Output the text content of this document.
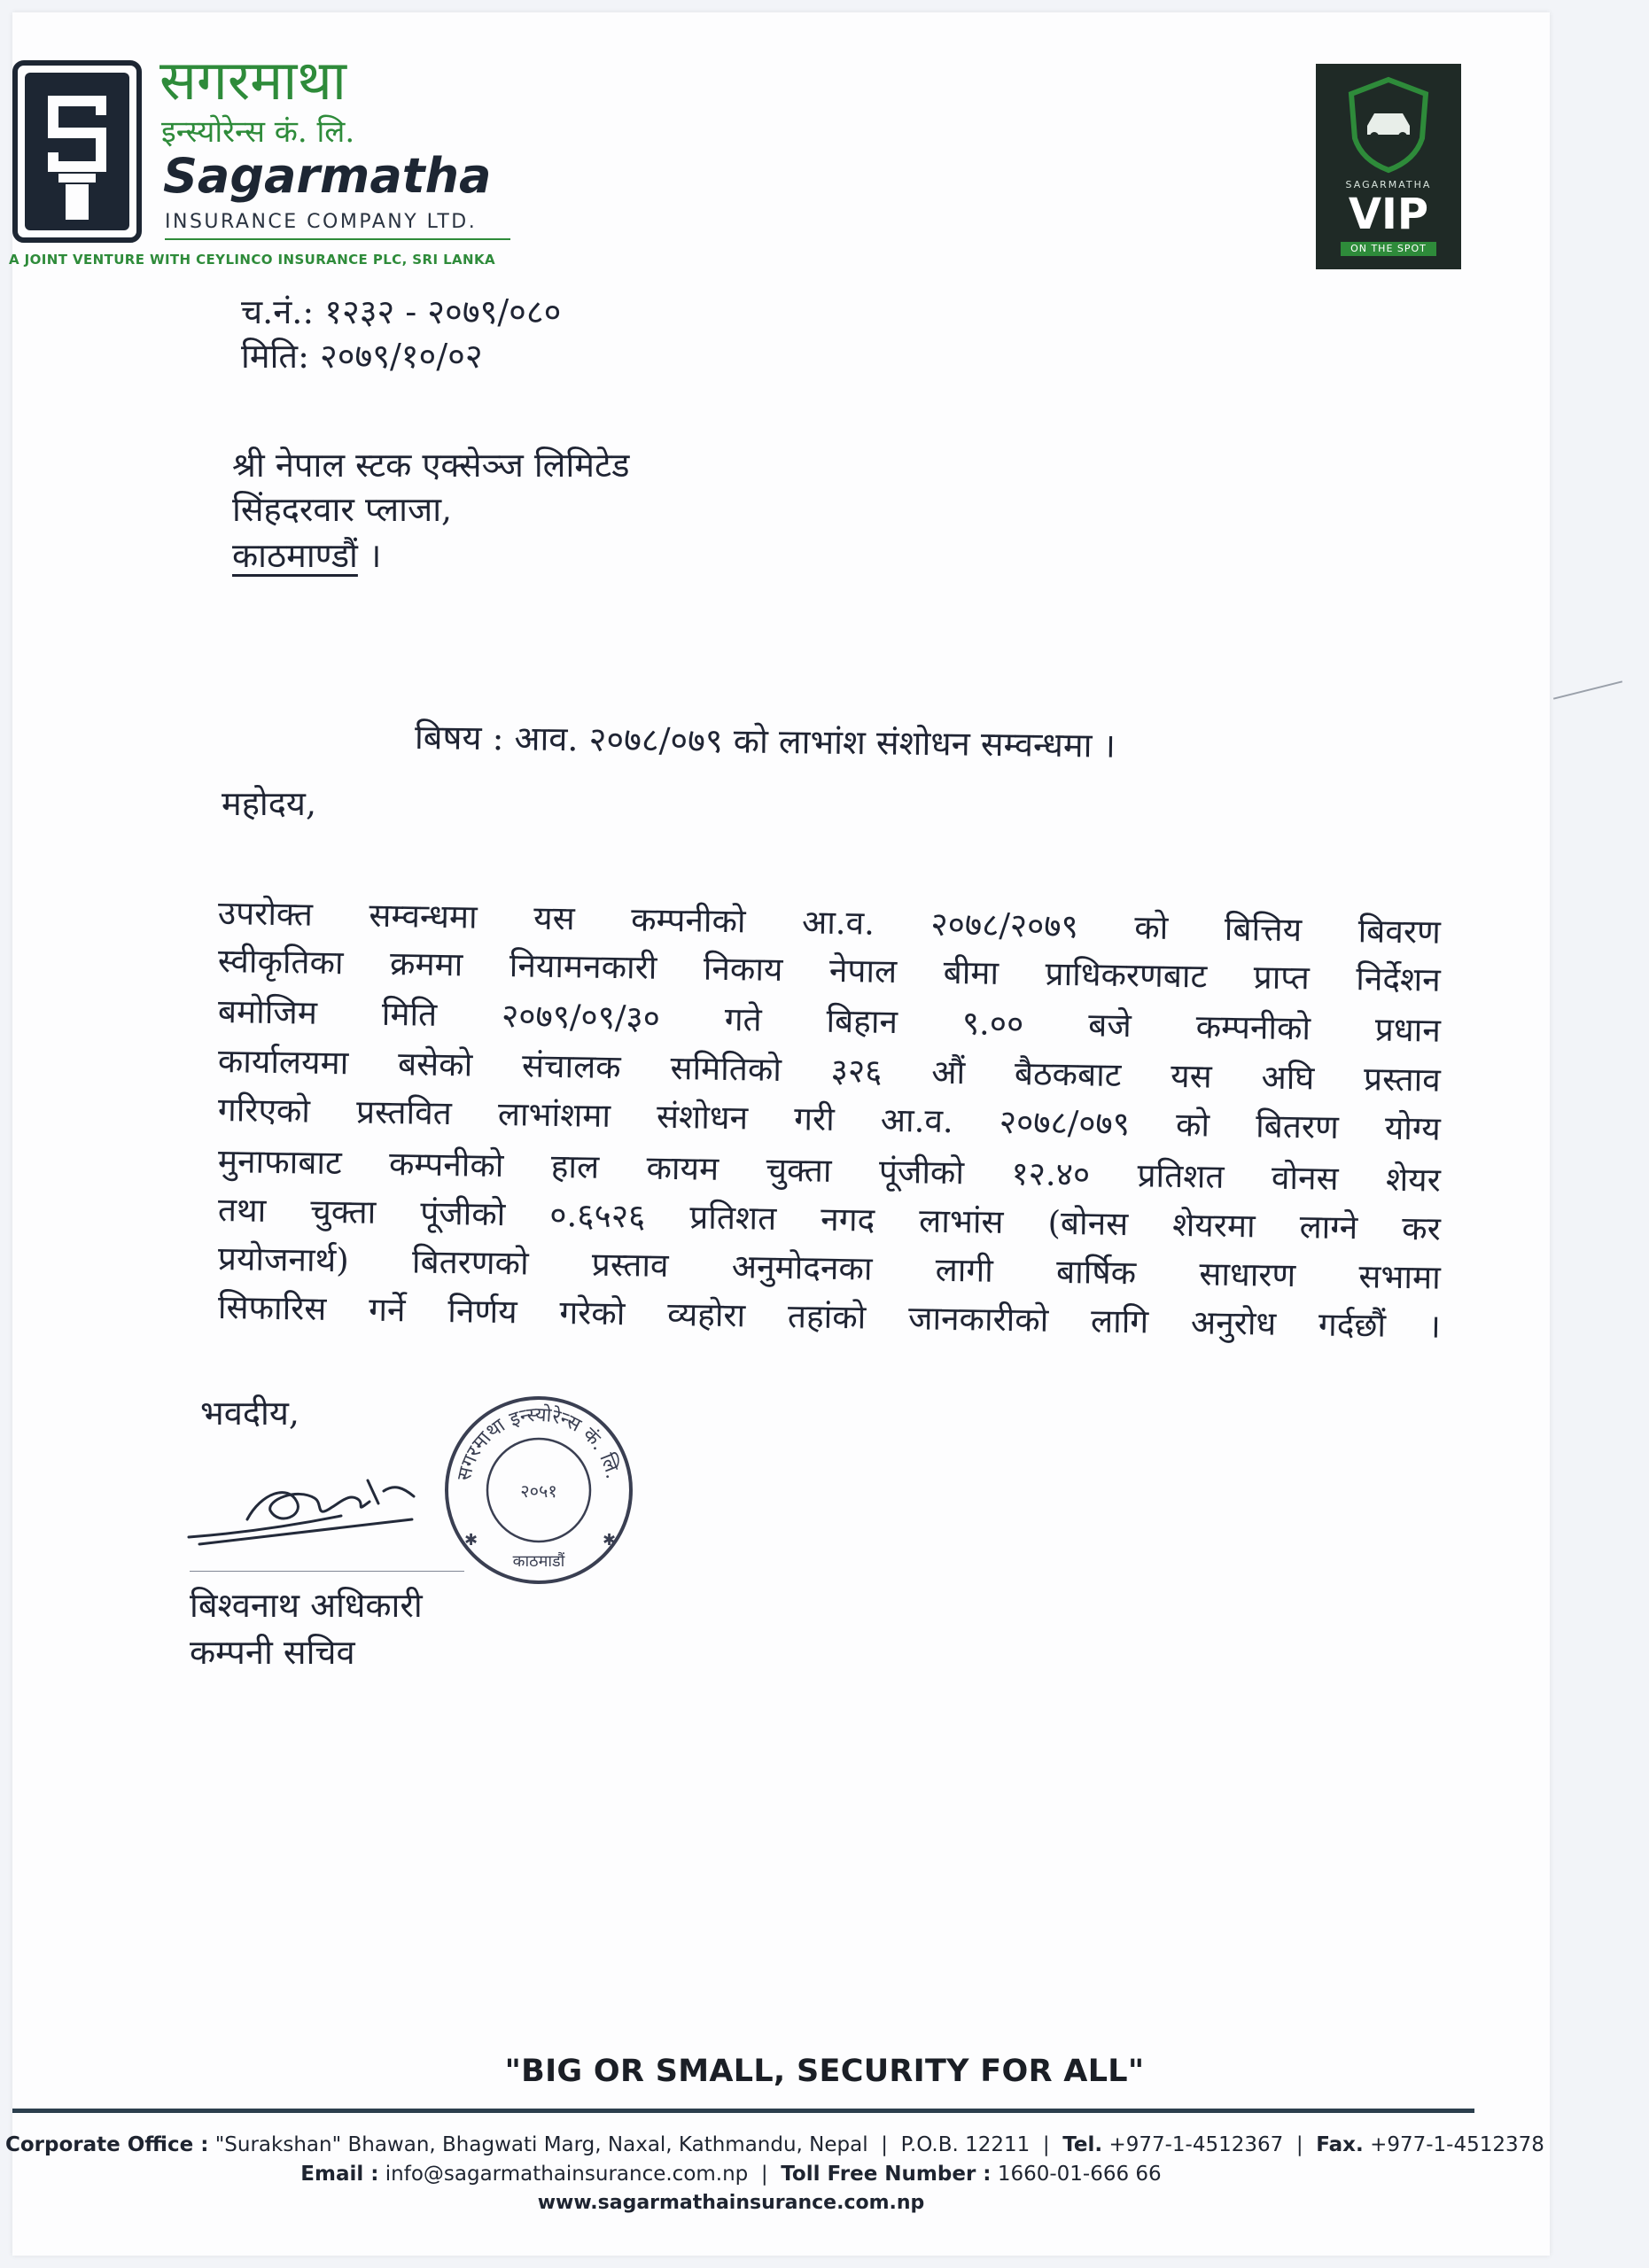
सगरमाथा
इन्स्योरेन्स कं. लि.
Sagarmatha
INSURANCE COMPANY LTD.
A JOINT VENTURE WITH CEYLINCO INSURANCE PLC, SRI LANKA
SAGARMATHA
VIP
ON THE SPOT
च.नं.: १२३२ - २०७९/०८०
मिति: २०७९/१०/०२
श्री नेपाल स्टक एक्सेञ्ज लिमिटेड
सिंहदरवार प्लाजा,
काठमाण्डौं ।
बिषय : आव. २०७८/०७९ को लाभांश संशोधन सम्वन्धमा ।
महोदय,
उपरोक्त सम्वन्धमा यस कम्पनीको आ.व. २०७८/२०७९ को बित्तिय बिवरण
स्वीकृतिका क्रममा नियामनकारी निकाय नेपाल बीमा प्राधिकरणबाट प्राप्त निर्देशन
बमोजिम मिति २०७९/०९/३० गते बिहान ९.०० बजे कम्पनीको प्रधान
कार्यालयमा बसेको संचालक समितिको ३२६ औं बैठकबाट यस अघि प्रस्ताव
गरिएको प्रस्तवित लाभांशमा संशोधन गरी आ.व. २०७८/०७९ को बितरण योग्य
मुनाफाबाट कम्पनीको हाल कायम चुक्ता पूंजीको १२.४० प्रतिशत वोनस शेयर
तथा चुक्ता पूंजीको ०.६५२६ प्रतिशत नगद लाभांस (बोनस शेयरमा लाग्ने कर
प्रयोजनार्थ) बितरणको प्रस्ताव अनुमोदनका लागी बार्षिक साधारण सभामा
सिफारिस गर्ने निर्णय गरेको व्यहोरा तहांको जानकारीको लागि अनुरोध गर्दछौं ।
भवदीय,
सगरमाथा इन्स्योरेन्स कं. लि.
२०५१
काठमाडौं
✱	✱
बिश्वनाथ अधिकारी
कम्पनी सचिव
"BIG OR SMALL, SECURITY FOR ALL"
Corporate Office : "Surakshan" Bhawan, Bhagwati Marg, Naxal, Kathmandu, Nepal  |  P.O.B. 12211  |  Tel. +977-1-4512367  |  Fax. +977-1-4512378
Email : info@sagarmathainsurance.com.np  |  Toll Free Number : 1660-01-666 66
www.sagarmathainsurance.com.np
